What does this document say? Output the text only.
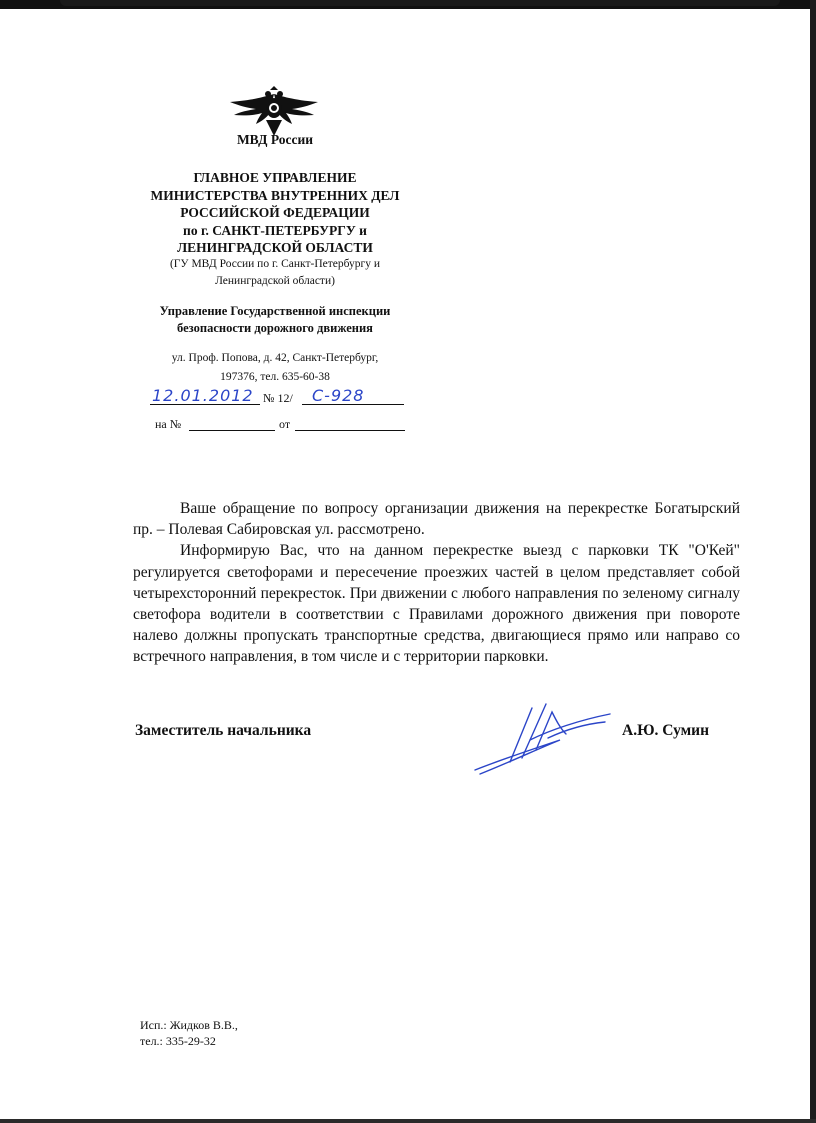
МВД России
ГЛАВНОЕ УПРАВЛЕНИЕ
МИНИСТЕРСТВА ВНУТРЕННИХ ДЕЛ
РОССИЙСКОЙ ФЕДЕРАЦИИ
по г. САНКТ-ПЕТЕРБУРГУ и
ЛЕНИНГРАДСКОЙ ОБЛАСТИ
(ГУ МВД России по г. Санкт-Петербургу и
Ленинградской области)
Управление Государственной инспекции
безопасности дорожного движения
ул. Проф. Попова, д. 42, Санкт-Петербург,
197376, тел. 635-60-38
12.01.2012 № 12/ С-928
на №	от

Ваше обращение по вопросу организации движения на перекрестке Богатырский пр. – Полевая Сабировская ул. рассмотрено.

Информирую Вас, что на данном перекрестке выезд с парковки ТК "О'Кей" регулируется светофорами и пересечение проезжих частей в целом представляет собой четырехсторонний перекресток. При движении с любого направления по зеленому сигналу светофора водители в соответствии с Правилами дорожного движения при повороте налево должны пропускать транспортные средства, двигающиеся прямо или направо со встречного направления, в том числе и с территории парковки.

Заместитель начальника	А.Ю. Сумин
Исп.: Жидков В.В.,
тел.: 335-29-32
